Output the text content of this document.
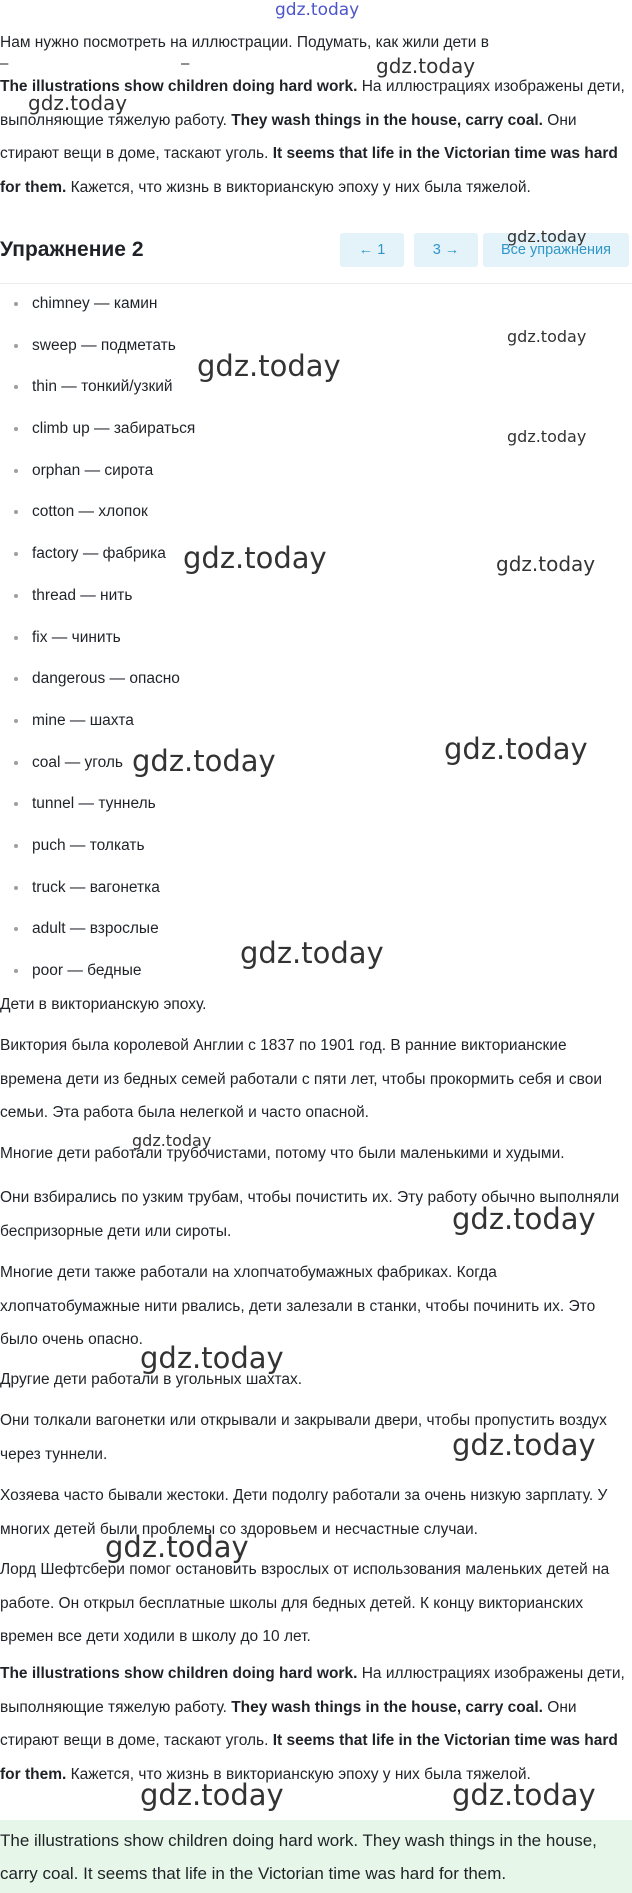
gdz.today
gdz.today
gdz.today
gdz.today
gdz.today
gdz.today
gdz.today
gdz.today	gdz.today
gdz.today
gdz.today
gdz.today
gdz.today
gdz.today
gdz.today
gdz.today
gdz.today
gdz.today	gdz.today

Нам нужно посмотреть на иллюстрации. Подумать, как жили дети в

–	–

The illustrations show children doing hard work. На иллюстрациях изображены дети, выполняющие тяжелую работу. They wash things in the house, carry coal. Они стирают вещи в доме, таскают уголь. It seems that life in the Victorian time was hard for them. Кажется, что жизнь в викторианскую эпоху у них была тяжелой.

Упражнение 2	← 1	3 →	Все упражнения
chimney — камин
sweep — подметать
thin — тонкий/узкий
climb up — забираться
orphan — сирота
cotton — хлопок
factory — фабрика
thread — нить
fix — чинить
dangerous — опасно
mine — шахта
coal — уголь
tunnel — туннель
puch — толкать
truck — вагонетка
adult — взрослые
poor — бедные

Дети в викторианскую эпоху.

Виктория была королевой Англии с 1837 по 1901 год. В ранние викторианские времена дети из бедных семей работали с пяти лет, чтобы прокормить себя и свои семьи. Эта работа была нелегкой и часто опасной.

Многие дети работали трубочистами, потому что были маленькими и худыми.

Они взбирались по узким трубам, чтобы почистить их. Эту работу обычно выполняли беспризорные дети или сироты.

Многие дети также работали на хлопчатобумажных фабриках. Когда хлопчатобумажные нити рвались, дети залезали в станки, чтобы починить их. Это было очень опасно.

Другие дети работали в угольных шахтах.

Они толкали вагонетки или открывали и закрывали двери, чтобы пропустить воздух через туннели.

Хозяева часто бывали жестоки. Дети подолгу работали за очень низкую зарплату. У многих детей были проблемы со здоровьем и несчастные случаи.

Лорд Шефтсбери помог остановить взрослых от использования маленьких детей на работе. Он открыл бесплатные школы для бедных детей. К концу викторианских времен все дети ходили в школу до 10 лет.

The illustrations show children doing hard work. На иллюстрациях изображены дети, выполняющие тяжелую работу. They wash things in the house, carry coal. Они стирают вещи в доме, таскают уголь. It seems that life in the Victorian time was hard for them. Кажется, что жизнь в викторианскую эпоху у них была тяжелой.

The illustrations show children doing hard work. They wash things in the house, carry coal. It seems that life in the Victorian time was hard for them.
